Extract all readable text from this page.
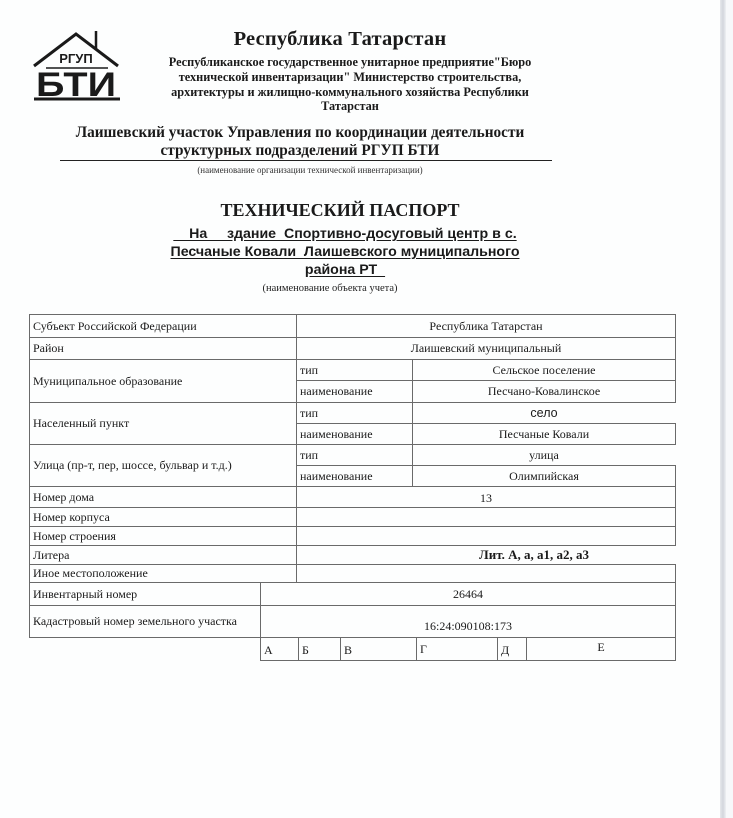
РГУП
БТИ
Республика Татарстан
Республиканское государственное унитарное предприятие"Бюро
технической инвентаризации" Министерство строительства,
архитектуры и жилищно-коммунального хозяйства Республики
Татарстан
Лаишевский участок Управления по координации деятельности
структурных подразделений РГУП БТИ
(наименование организации технической инвентаризации)
ТЕХНИЧЕСКИЙ ПАСПОРТ
На     здание  Спортивно-досуговый центр в с.
Песчаные Ковали  Лаишевского муниципального
района РТ
(наименование объекта учета)
Субъект Российской Федерации	Республика Татарстан
Район	Лаишевский муниципальный
Муниципальное образование
тип	Сельское поселение
наименование	Песчано-Ковалинское
Населенный пункт
тип	село
наименование	Песчаные Ковали
Улица (пр-т, пер, шоссе, бульвар и т.д.)
тип	улица
наименование	Олимпийская
Номер дома	13
Номер корпуса
Номер строения
Литера	Лит. А, а, а1, а2, а3
Иное местоположение
Инвентарный номер	26464
Кадастровый номер земельного участка	16:24:090108:173
А	Б	В	Г	Д	Е
